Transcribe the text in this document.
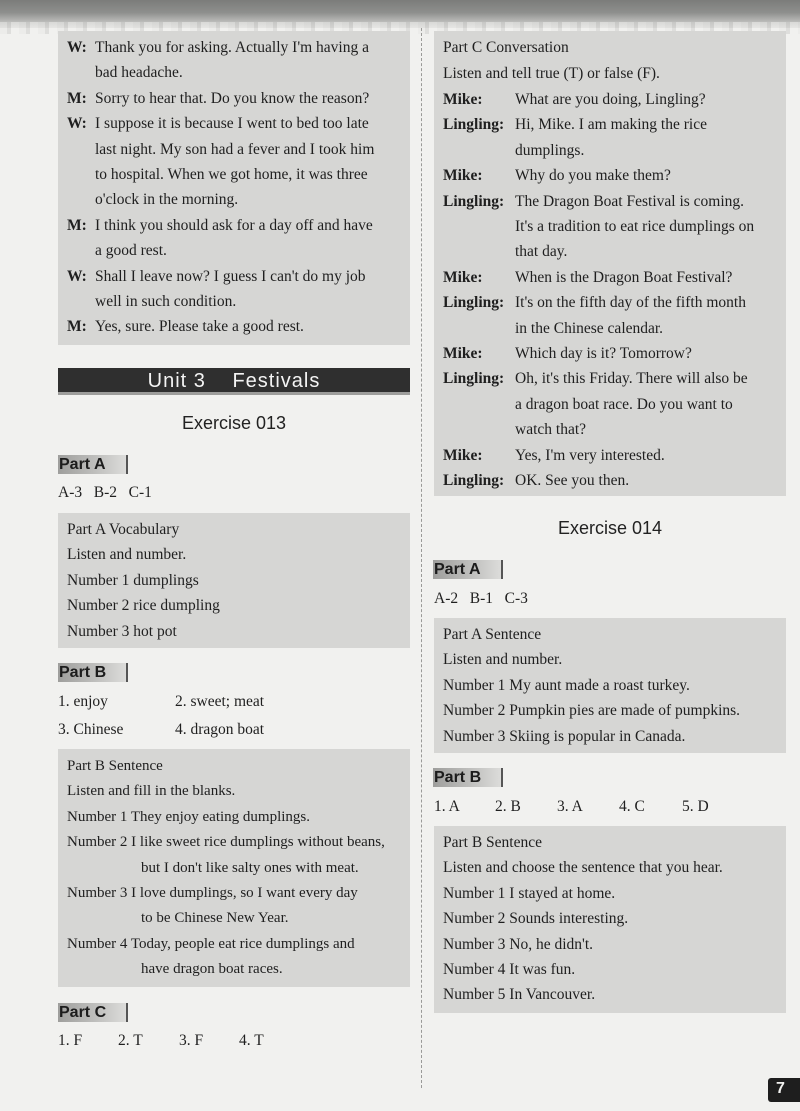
W: Thank you for asking. Actually I'm having a
bad headache.
M: Sorry to hear that. Do you know the reason?
W: I suppose it is because I went to bed too late
last night. My son had a fever and I took him
to hospital. When we got home, it was three
o'clock in the morning.
M: I think you should ask for a day off and have
a good rest.
W: Shall I leave now? I guess I can't do my job
well in such condition.
M: Yes, sure. Please take a good rest.
Unit 3 Festivals
Exercise 013
Part A
A-3 B-2 C-1
Part A Vocabulary
Listen and number.
Number 1 dumplings
Number 2 rice dumpling
Number 3 hot pot
Part B
1. enjoy	2. sweet; meat
3. Chinese	4. dragon boat
Part B Sentence
Listen and fill in the blanks.
Number 1 They enjoy eating dumplings.
Number 2 I like sweet rice dumplings without beans,
but I don't like salty ones with meat.
Number 3 I love dumplings, so I want every day
to be Chinese New Year.
Number 4 Today, people eat rice dumplings and
have dragon boat races.
Part C
1. F 2. T 3. F 4. T
Mike: What are you doing, Lingling?
Lingling: Hi, Mike. I am making the rice
dumplings.
Mike: Why do you make them?
Lingling: The Dragon Boat Festival is coming.
It's a tradition to eat rice dumplings on
that day.
Mike: When is the Dragon Boat Festival?
Lingling: It's on the fifth day of the fifth month
in the Chinese calendar.
Mike: Which day is it? Tomorrow?
Lingling: Oh, it's this Friday. There will also be
a dragon boat race. Do you want to
watch that?
Mike: Yes, I'm very interested.
Lingling: OK. See you then.
Part C Conversation
Listen and tell true (T) or false (F).
Exercise 014
Part A
A-2 B-1 C-3
Part A Sentence
Listen and number.
Number 1 My aunt made a roast turkey.
Number 2 Pumpkin pies are made of pumpkins.
Number 3 Skiing is popular in Canada.
Part B
1. A 2. B 3. A 4. C 5. D
Part B Sentence
Listen and choose the sentence that you hear.
Number 1 I stayed at home.
Number 2 Sounds interesting.
Number 3 No, he didn't.
Number 4 It was fun.
Number 5 In Vancouver.
7
